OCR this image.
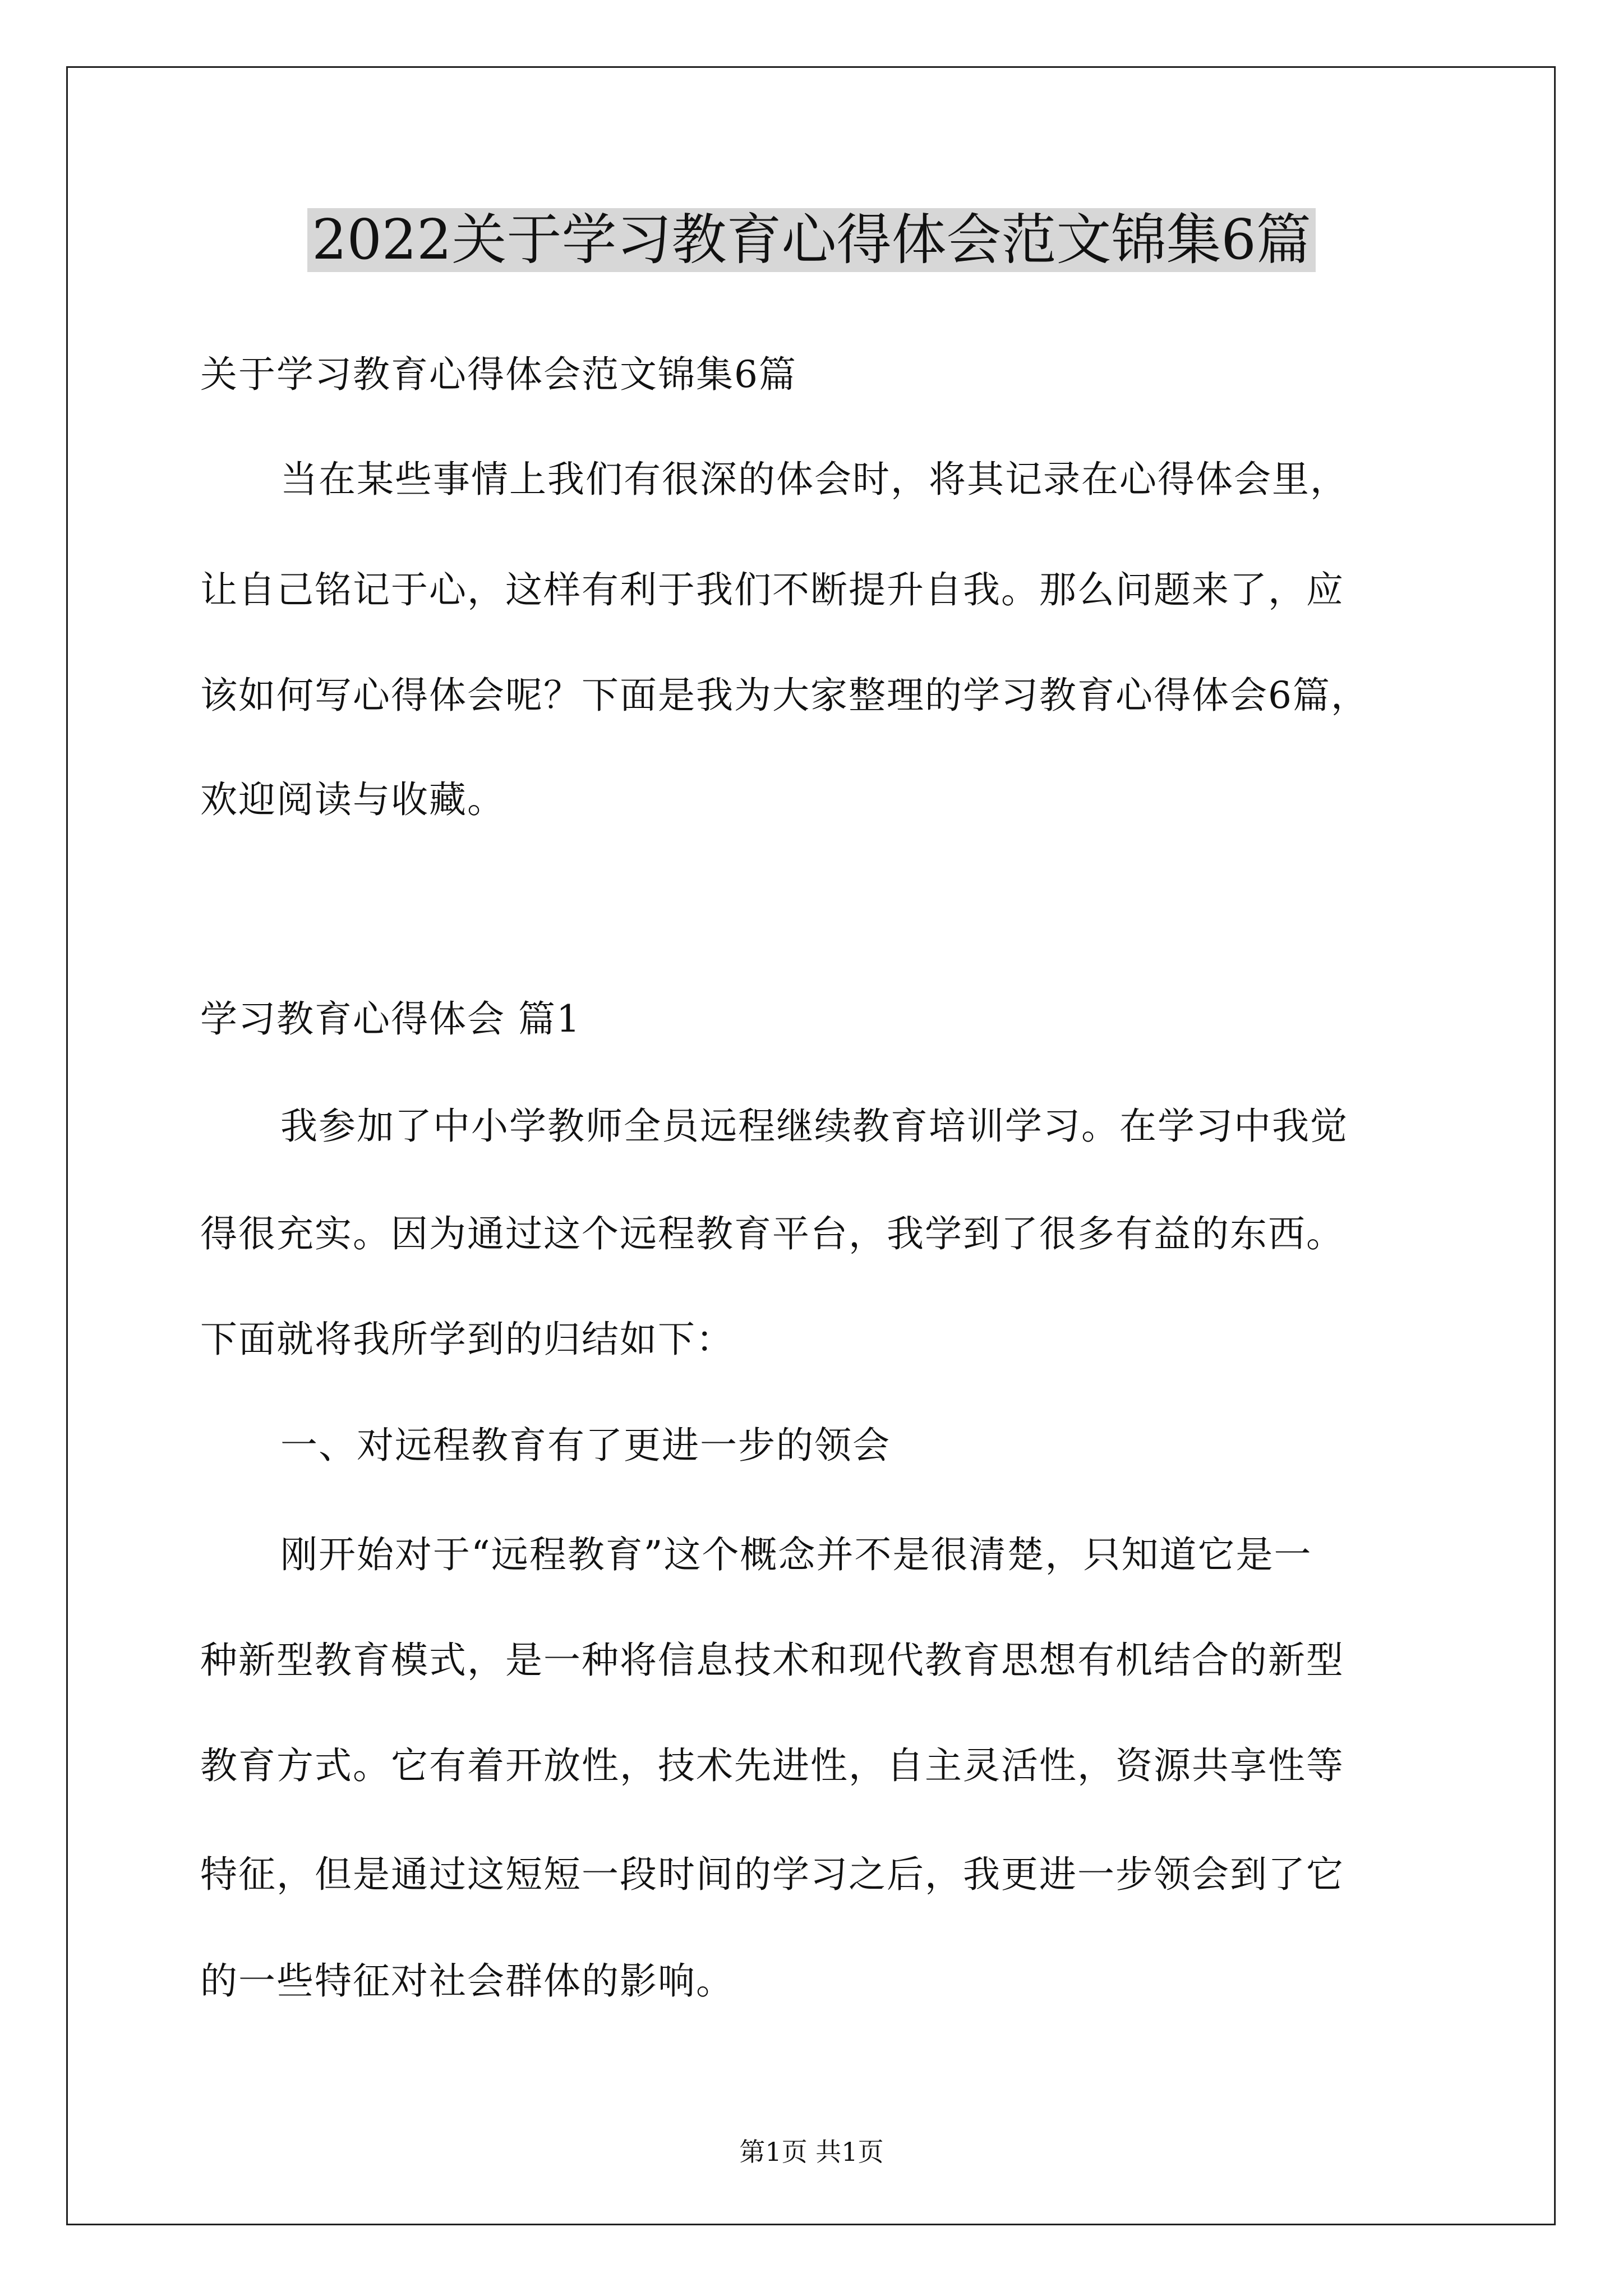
2022关于学习教育心得体会范文锦集6篇
关于学习教育心得体会范文锦集6篇
当在某些事情上我们有很深的体会时，将其记录在心得体会里，
让自己铭记于心，这样有利于我们不断提升自我。那么问题来了，应
该如何写心得体会呢？下面是我为大家整理的学习教育心得体会6篇，
欢迎阅读与收藏。
学习教育心得体会 篇1
我参加了中小学教师全员远程继续教育培训学习。在学习中我觉
得很充实。因为通过这个远程教育平台，我学到了很多有益的东西。
下面就将我所学到的归结如下：
一、对远程教育有了更进一步的领会
刚开始对于“远程教育”这个概念并不是很清楚，只知道它是一
种新型教育模式，是一种将信息技术和现代教育思想有机结合的新型
教育方式。它有着开放性，技术先进性，自主灵活性，资源共享性等
特征，但是通过这短短一段时间的学习之后，我更进一步领会到了它
的一些特征对社会群体的影响。
第1页 共1页
